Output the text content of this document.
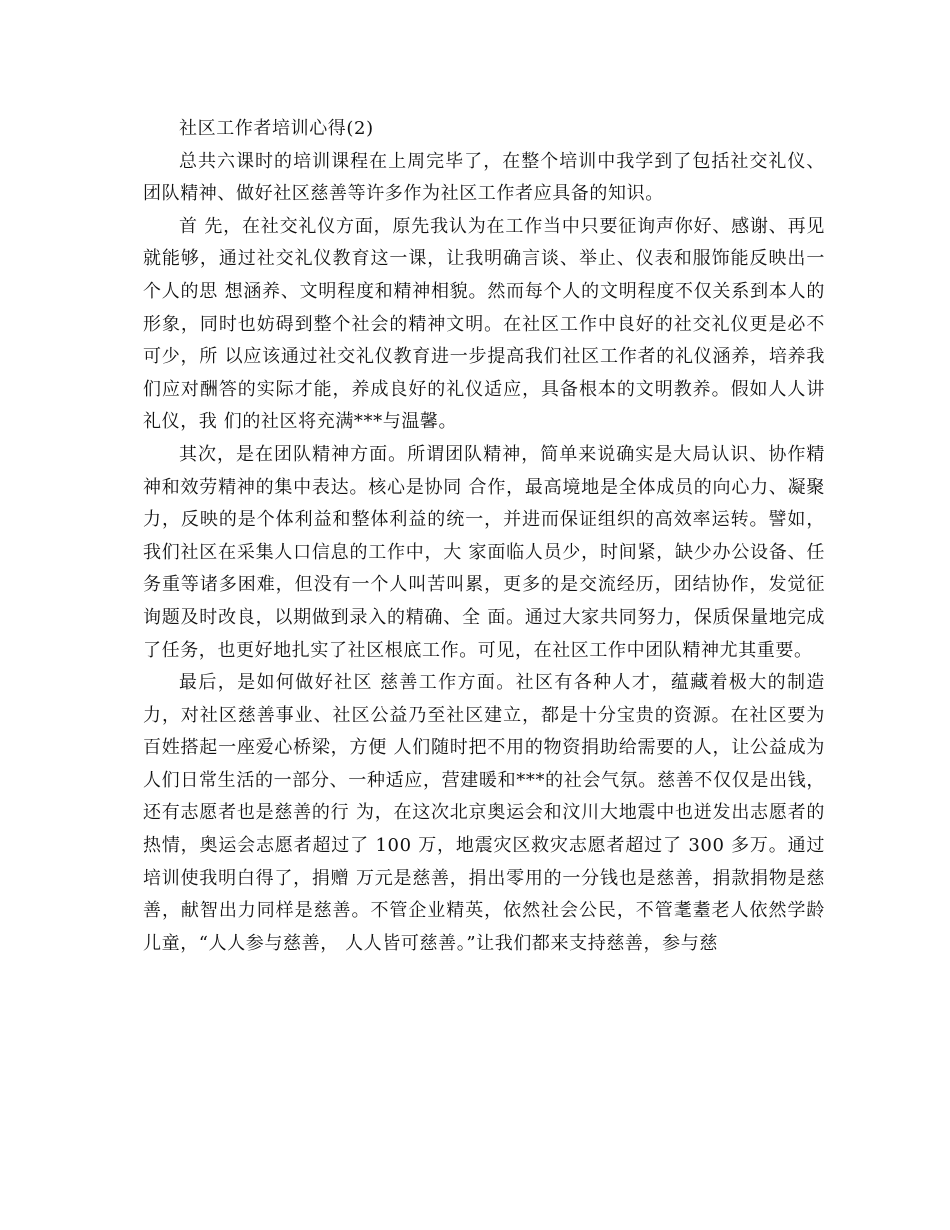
社区工作者培训心得(2)

总共六课时的培训课程在上周完毕了，在整个培训中我学到了包括社交礼仪、团队精神、做好社区慈善等许多作为社区工作者应具备的知识。

首 先，在社交礼仪方面，原先我认为在工作当中只要征询声你好、感谢、再见就能够，通过社交礼仪教育这一课，让我明确言谈、举止、仪表和服饰能反映出一个人的思 想涵养、文明程度和精神相貌。然而每个人的文明程度不仅关系到本人的形象，同时也妨碍到整个社会的精神文明。在社区工作中良好的社交礼仪更是必不可少，所 以应该通过社交礼仪教育进一步提高我们社区工作者的礼仪涵养，培养我们应对酬答的实际才能，养成良好的礼仪适应，具备根本的文明教养。假如人人讲礼仪，我 们的社区将充满***与温馨。

其次，是在团队精神方面。所谓团队精神，简单来说确实是大局认识、协作精神和效劳精神的集中表达。核心是协同 合作，最高境地是全体成员的向心力、凝聚力，反映的是个体利益和整体利益的统一，并进而保证组织的高效率运转。譬如，我们社区在采集人口信息的工作中，大 家面临人员少，时间紧，缺少办公设备、任务重等诸多困难，但没有一个人叫苦叫累，更多的是交流经历，团结协作，发觉征询题及时改良，以期做到录入的精确、全 面。通过大家共同努力，保质保量地完成了任务，也更好地扎实了社区根底工作。可见，在社区工作中团队精神尤其重要。

最后，是如何做好社区 慈善工作方面。社区有各种人才，蕴藏着极大的制造力，对社区慈善事业、社区公益乃至社区建立，都是十分宝贵的资源。在社区要为百姓搭起一座爱心桥梁，方便 人们随时把不用的物资捐助给需要的人，让公益成为人们日常生活的一部分、一种适应，营建暖和***的社会气氛。慈善不仅仅是出钱，还有志愿者也是慈善的行 为，在这次北京奥运会和汶川大地震中也迸发出志愿者的热情，奥运会志愿者超过了 100 万，地震灾区救灾志愿者超过了 300 多万。通过培训使我明白得了，捐赠 万元是慈善，捐出零用的一分钱也是慈善，捐款捐物是慈善，献智出力同样是慈善。不管企业精英，依然社会公民，不管耄耋老人依然学龄儿童，“人人参与慈善， 人人皆可慈善。”让我们都来支持慈善，参与慈
